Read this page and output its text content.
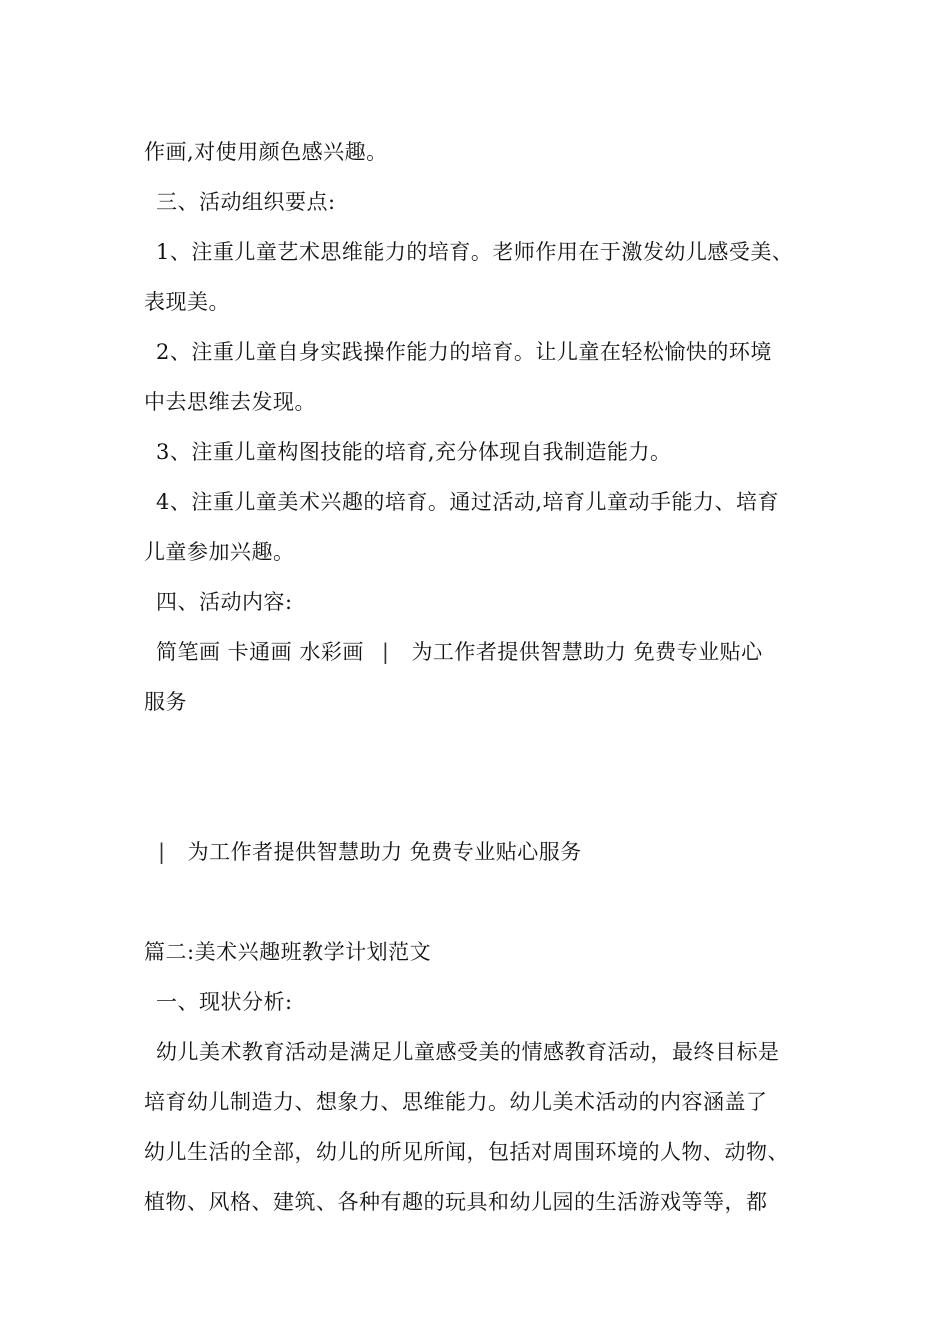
作画,对使用颜色感兴趣。
三、活动组织要点:
1、注重儿童艺术思维能力的培育。老师作用在于激发幼儿感受美、
表现美。
2、注重儿童自身实践操作能力的培育。让儿童在轻松愉快的环境
中去思维去发现。
3、注重儿童构图技能的培育,充分体现自我制造能力。
4、注重儿童美术兴趣的培育。通过活动,培育儿童动手能力、培育
儿童参加兴趣。
四、活动内容:
简笔画 卡通画 水彩画 | 为工作者提供智慧助力 免费专业贴心
服务
| 为工作者提供智慧助力 免费专业贴心服务
篇二:美术兴趣班教学计划范文
一、现状分析:
幼儿美术教育活动是满足儿童感受美的情感教育活动，最终目标是
培育幼儿制造力、想象力、思维能力。幼儿美术活动的内容涵盖了
幼儿生活的全部，幼儿的所见所闻，包括对周围环境的人物、动物、
植物、风格、建筑、各种有趣的玩具和幼儿园的生活游戏等等，都
